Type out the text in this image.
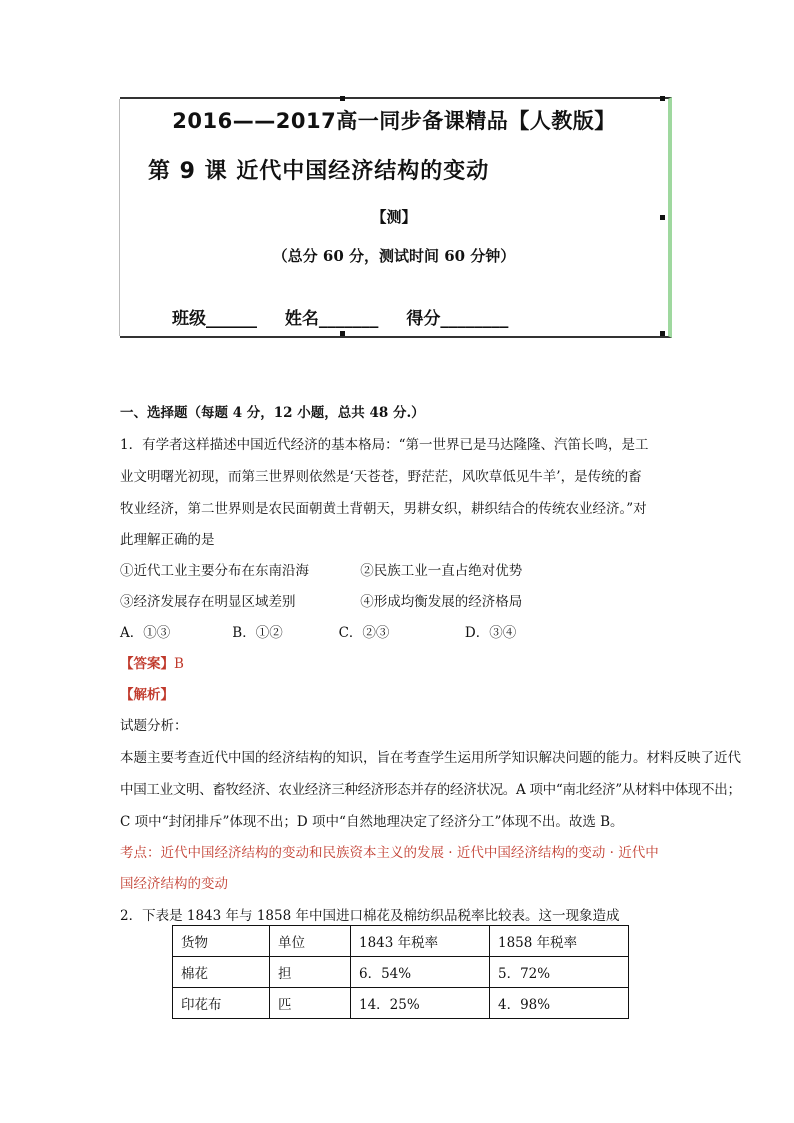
2016——2017高一同步备课精品【人教版】
第 9 课 近代中国经济结构的变动
【测】
（总分 60 分，测试时间 60 分钟）
班级______ 姓名_______ 得分________
一、选择题（每题 4 分，12 小题，总共 48 分.）
1．有学者这样描述中国近代经济的基本格局：“第一世界已是马达隆隆、汽笛长鸣，是工
业文明曙光初现，而第三世界则依然是‘天苍苍，野茫茫，风吹草低见牛羊’，是传统的畜
牧业经济，第二世界则是农民面朝黄土背朝天，男耕女织，耕织结合的传统农业经济。”对
此理解正确的是
①近代工业主要分布在东南沿海	②民族工业一直占绝对优势
③经济发展存在明显区域差别	④形成均衡发展的经济格局
A．①③	B．①②	C．②③	D．③④
【答案】B
【解析】
试题分析：
本题主要考查近代中国的经济结构的知识，旨在考查学生运用所学知识解决问题的能力。材料反映了近代
中国工业文明、畜牧经济、农业经济三种经济形态并存的经济状况。A 项中“南北经济”从材料中体现不出；
C 项中“封闭排斥”体现不出；D 项中“自然地理决定了经济分工”体现不出。故选 B。
考点：近代中国经济结构的变动和民族资本主义的发展 · 近代中国经济结构的变动 · 近代中
国经济结构的变动
2．下表是 1843 年与 1858 年中国进口棉花及棉纺织品税率比较表。这一现象造成
货物	单位	1843 年税率	1858 年税率
棉花	担	6．54%	5．72%
印花布	匹	14．25%	4．98%
